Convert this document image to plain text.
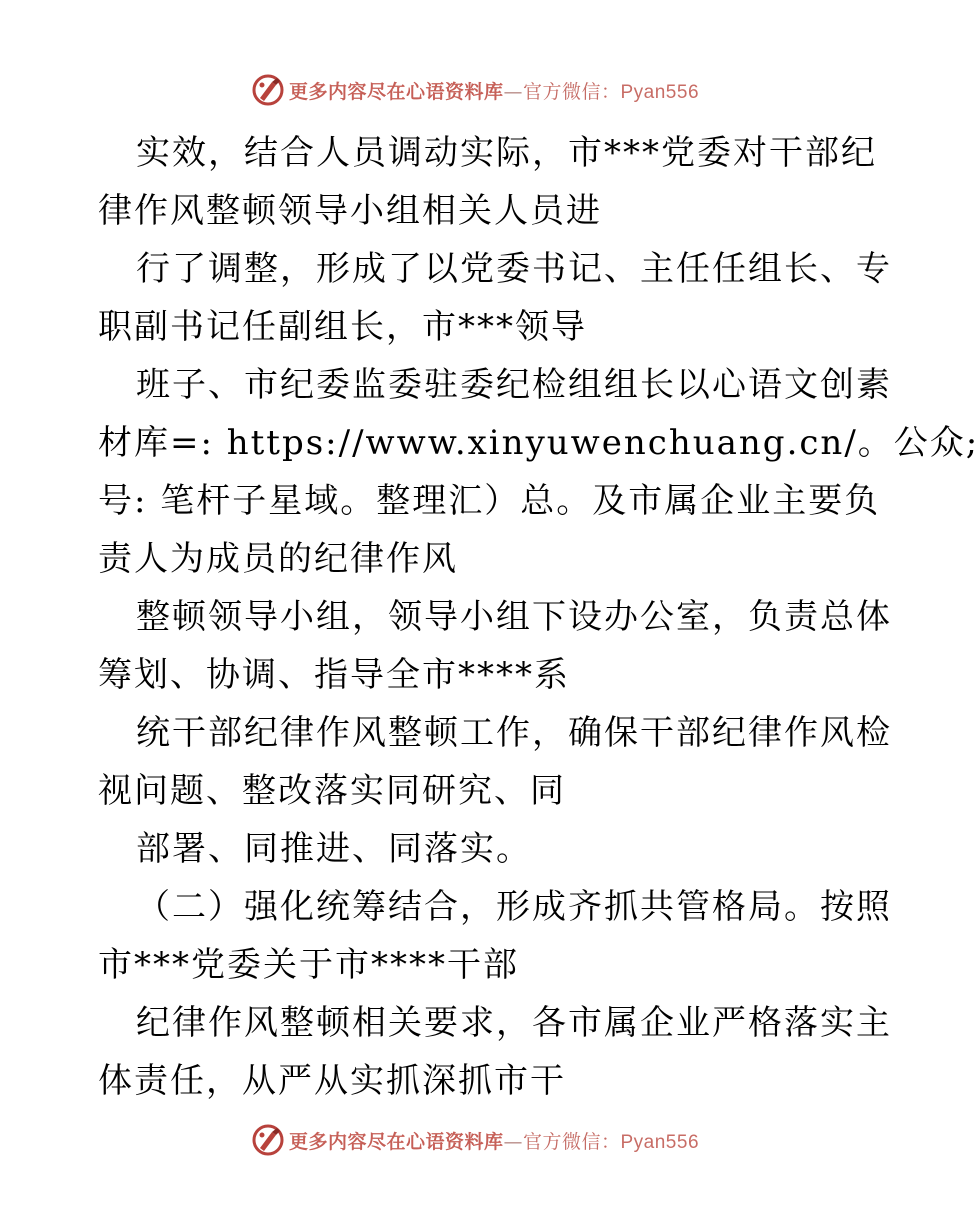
更多内容尽在心语资料库—官方微信：Pyan556
实效，结合人员调动实际，市***党委对干部纪
律作风整顿领导小组相关人员进
行了调整，形成了以党委书记、主任任组长、专
职副书记任副组长，市***领导
班子、市纪委监委驻委纪检组组长以心语文创素
材库=: https://www.xinyuwenchuang.cn/。公众;
号: 笔杆子星域。整理汇）总。及市属企业主要负
责人为成员的纪律作风
整顿领导小组，领导小组下设办公室，负责总体
筹划、协调、指导全市****系
统干部纪律作风整顿工作，确保干部纪律作风检
视问题、整改落实同研究、同
部署、同推进、同落实。
（二）强化统筹结合，形成齐抓共管格局。按照
市***党委关于市****干部
纪律作风整顿相关要求，各市属企业严格落实主
体责任，从严从实抓深抓市干
更多内容尽在心语资料库—官方微信：Pyan556
